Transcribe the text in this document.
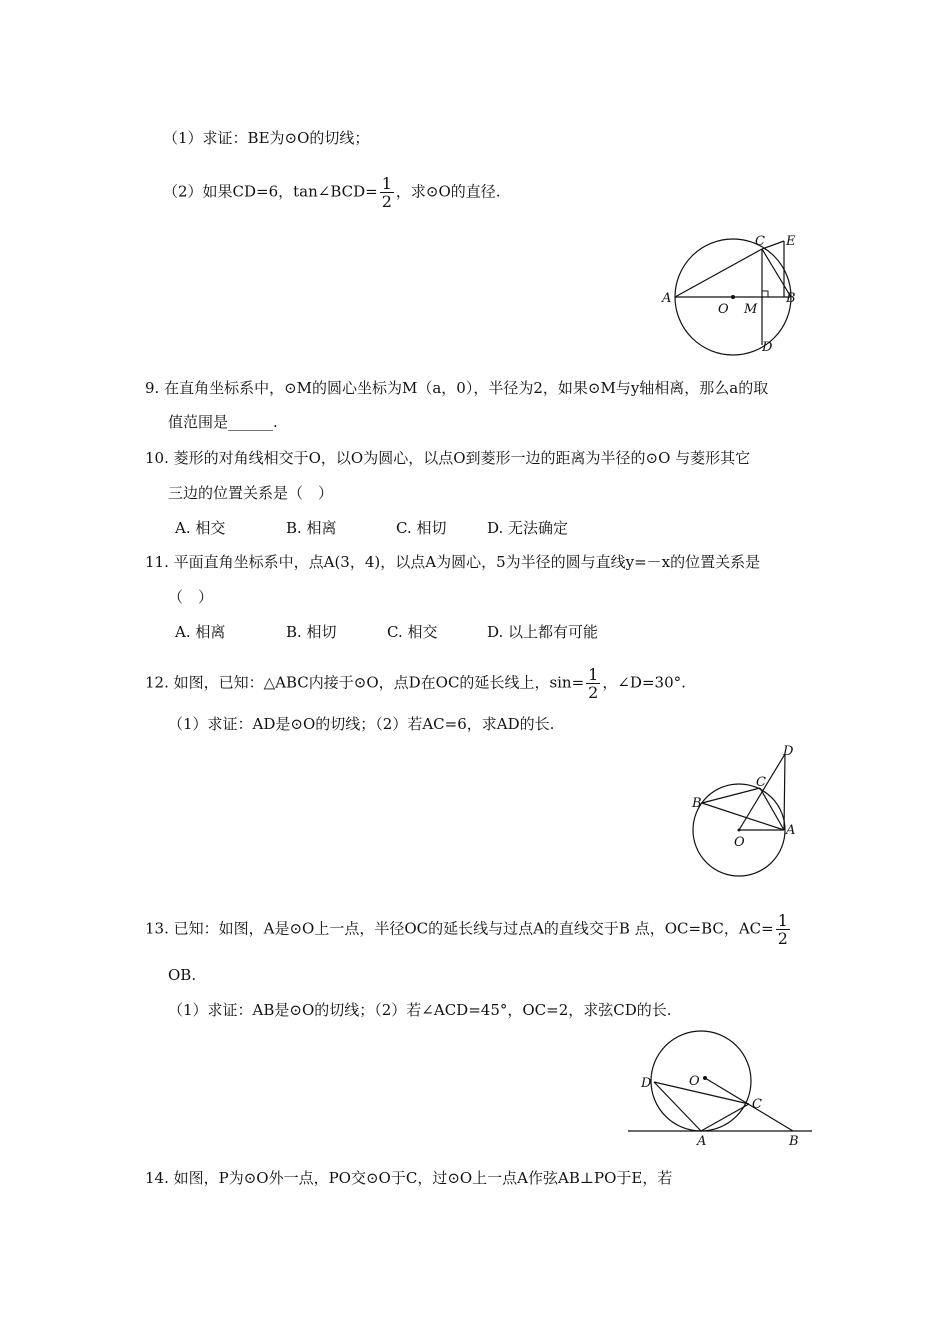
（1）求证：BE为⊙O的切线；
（2）如果CD=6，tan∠BCD= $\frac{1}{2}$ ，求⊙O的直径.
A
C E
B
O M
D
9. 在直角坐标系中，⊙M的圆心坐标为M（a，0），半径为2，如果⊙M与y轴相离，那么a的取
值范围是______.
10. 菱形的对角线相交于O，以O为圆心，以点O到菱形一边的距离为半径的⊙O 与菱形其它
三边的位置关系是（　）
A. 相交	B. 相离	C. 相切	D. 无法确定
11. 平面直角坐标系中，点A(3，4)，以点A为圆心，5为半径的圆与直线y=－x的位置关系是
（　）
A. 相离	B. 相切	C. 相交	D. 以上都有可能
12. 如图，已知：△ABC内接于⊙O，点D在OC的延长线上，$\sin= \frac{1}{2}$ ，∠D=30°.
（1）求证：AD是⊙O的切线；（2）若AC=6，求AD的长.
D
C
B
A
O
13. 已知：如图，A是⊙O上一点，半径OC的延长线与过点A的直线交于B 点，OC=BC，$AC= \frac{1}{2}$
OB.
（1）求证：AB是⊙O的切线；（2）若∠ACD=45°，OC=2，求弦CD的长.
O
D
C
A	B
14. 如图，P为⊙O外一点，PO交⊙O于C，过⊙O上一点A作弦AB⊥PO于E，若
